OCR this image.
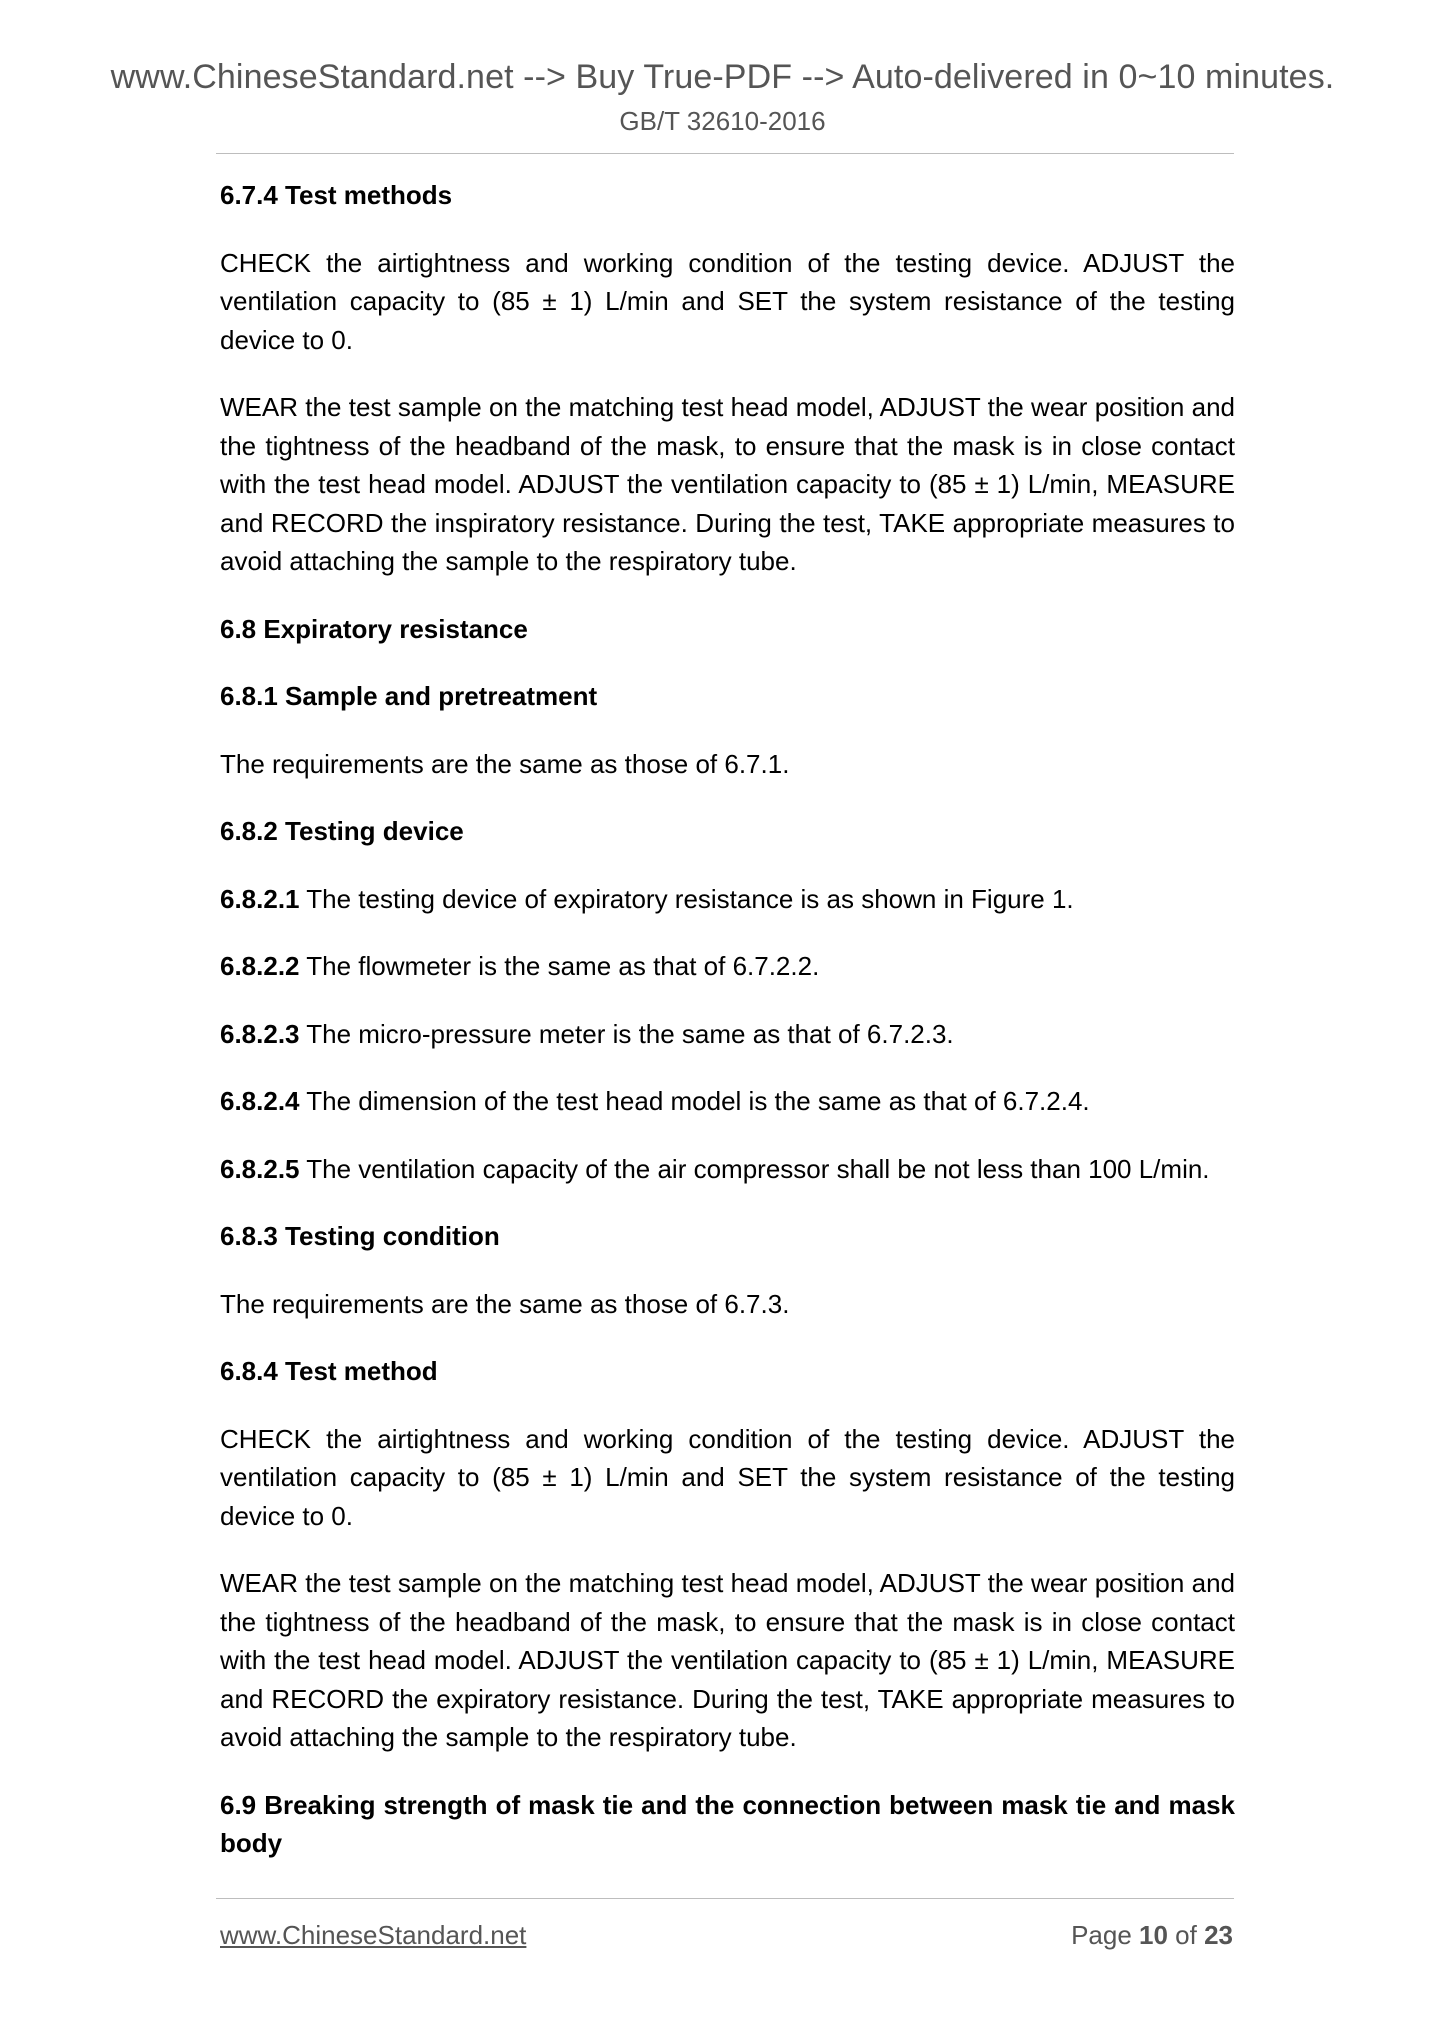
www.ChineseStandard.net --> Buy True-PDF --> Auto-delivered in 0~10 minutes.
GB/T 32610-2016

6.7.4 Test methods

CHECK the airtightness and working condition of the testing device. ADJUST the ventilation capacity to (85 ± 1) L/min and SET the system resistance of the testing device to 0.

WEAR the test sample on the matching test head model, ADJUST the wear position and the tightness of the headband of the mask, to ensure that the mask is in close contact with the test head model. ADJUST the ventilation capacity to (85 ± 1) L/min, MEASURE and RECORD the inspiratory resistance. During the test, TAKE appropriate measures to avoid attaching the sample to the respiratory tube.

6.8 Expiratory resistance

6.8.1 Sample and pretreatment

The requirements are the same as those of 6.7.1.

6.8.2 Testing device

6.8.2.1 The testing device of expiratory resistance is as shown in Figure 1.

6.8.2.2 The flowmeter is the same as that of 6.7.2.2.

6.8.2.3 The micro-pressure meter is the same as that of 6.7.2.3.

6.8.2.4 The dimension of the test head model is the same as that of 6.7.2.4.

6.8.2.5 The ventilation capacity of the air compressor shall be not less than 100 L/min.

6.8.3 Testing condition

The requirements are the same as those of 6.7.3.

6.8.4 Test method

CHECK the airtightness and working condition of the testing device. ADJUST the ventilation capacity to (85 ± 1) L/min and SET the system resistance of the testing device to 0.

WEAR the test sample on the matching test head model, ADJUST the wear position and the tightness of the headband of the mask, to ensure that the mask is in close contact with the test head model. ADJUST the ventilation capacity to (85 ± 1) L/min, MEASURE and RECORD the expiratory resistance. During the test, TAKE appropriate measures to avoid attaching the sample to the respiratory tube.

6.9 Breaking strength of mask tie and the connection between mask tie and mask body

www.ChineseStandard.net	Page 10 of 23
